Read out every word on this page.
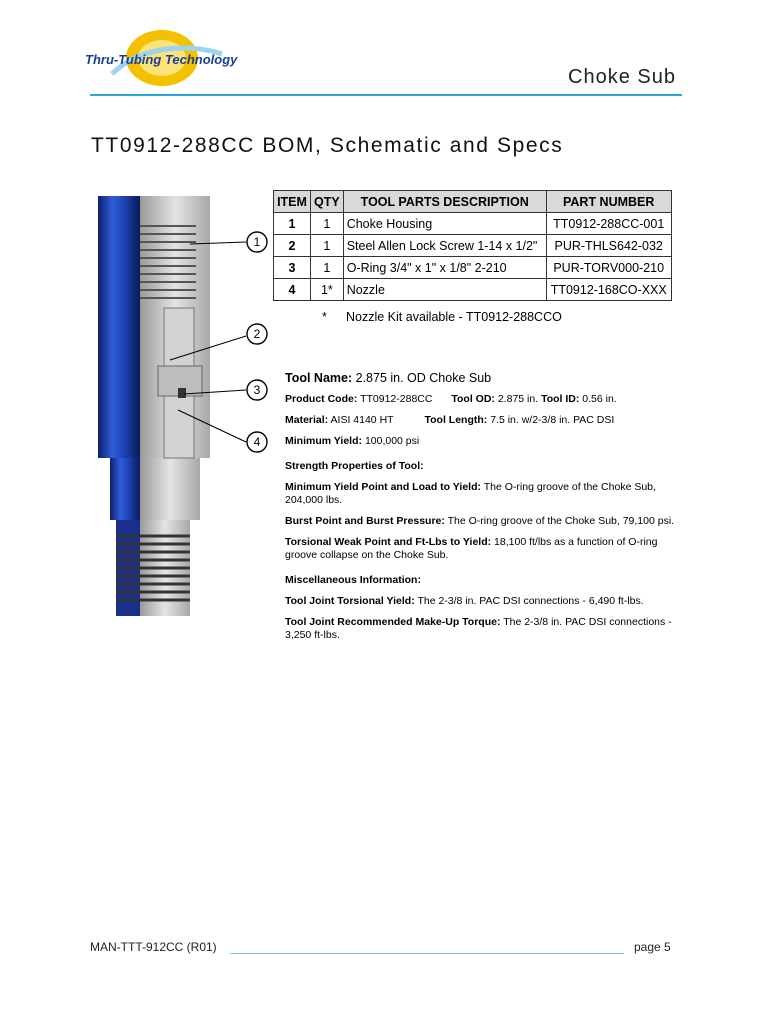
Thru-Tubing Technology
Choke Sub
TT0912-288CC BOM, Schematic and Specs
1
2
3
4
ITEM	QTY	TOOL PARTS DESCRIPTION	PART NUMBER
1	1	Choke Housing	TT0912-288CC-001
2	1	Steel Allen Lock Screw 1-14 x 1/2"	PUR-THLS642-032
3	1	O-Ring 3/4" x 1" x 1/8" 2-210	PUR-TORV000-210
4	1*	Nozzle	TT0912-168CO-XXX
* Nozzle Kit available - TT0912-288CCO
Tool Name: 2.875 in. OD Choke Sub

Product Code: TT0912-288CC Tool OD: 2.875 in. Tool ID: 0.56 in.

Material: AISI 4140 HT	Tool Length: 7.5 in. w/2-3/8 in. PAC DSI

Minimum Yield: 100,000 psi

Strength Properties of Tool:

Minimum Yield Point and Load to Yield: The O-ring groove of the Choke Sub, 204,000 lbs.

Burst Point and Burst Pressure: The O-ring groove of the Choke Sub, 79,100 psi.

Torsional Weak Point and Ft-Lbs to Yield: 18,100 ft/lbs as a function of O-ring groove collapse on the Choke Sub.

Miscellaneous Information:

Tool Joint Torsional Yield: The 2-3/8 in. PAC DSI connections - 6,490 ft-lbs.

Tool Joint Recommended Make-Up Torque: The 2-3/8 in. PAC DSI connections - 3,250 ft-lbs.

MAN-TTT-912CC (R01)	page 5
